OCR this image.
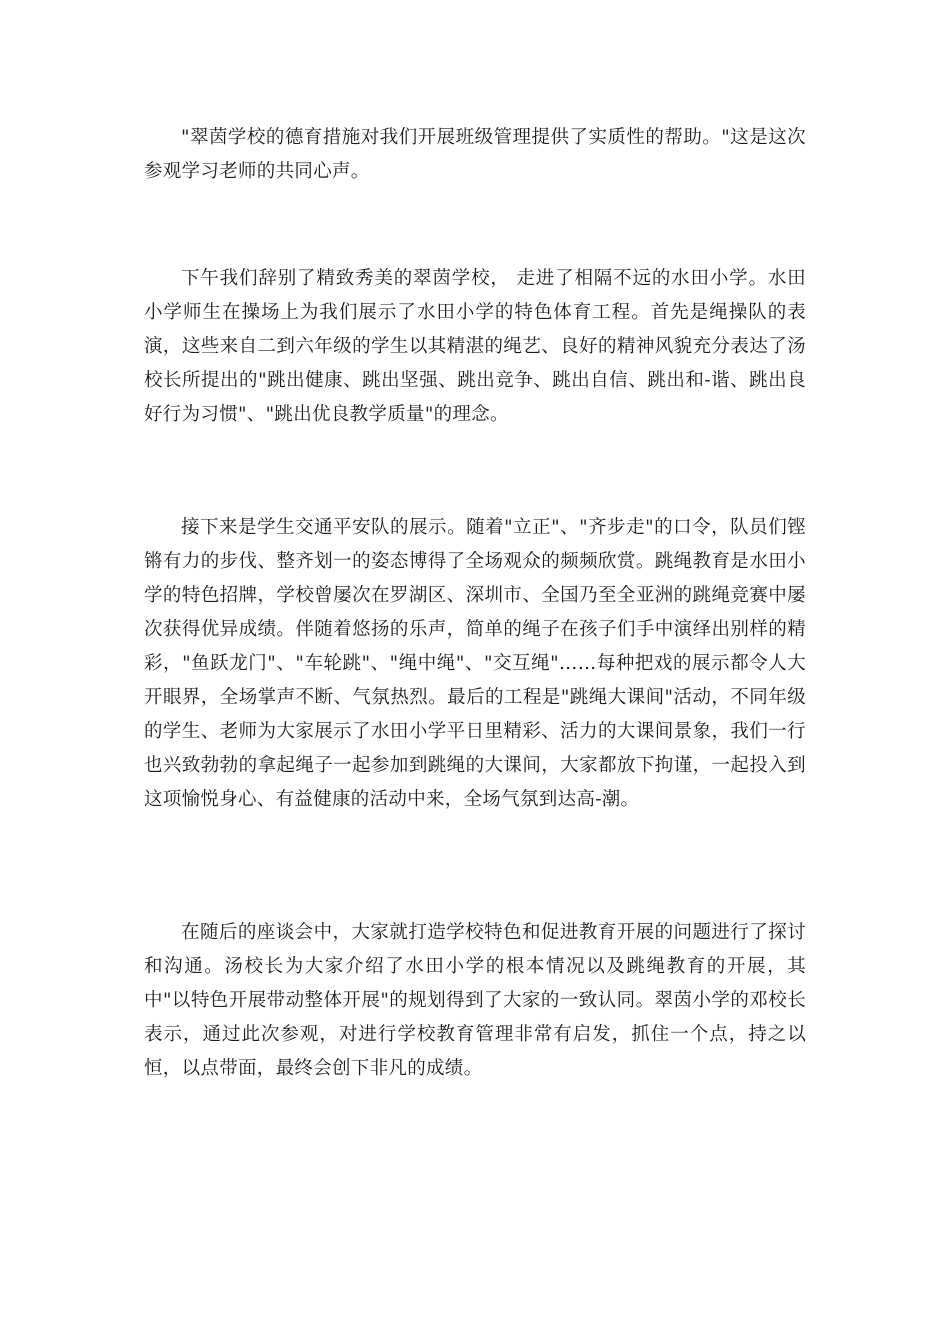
"翠茵学校的德育措施对我们开展班级管理提供了实质性的帮助。"这是这次参观学习老师的共同心声。

下午我们辞别了精致秀美的翠茵学校， 走进了相隔不远的水田小学。水田小学师生在操场上为我们展示了水田小学的特色体育工程。首先是绳操队的表演，这些来自二到六年级的学生以其精湛的绳艺、良好的精神风貌充分表达了汤校长所提出的"跳出健康、跳出坚强、跳出竞争、跳出自信、跳出和-谐、跳出良好行为习惯"、"跳出优良教学质量"的理念。

接下来是学生交通平安队的展示。随着"立正"、"齐步走"的口令，队员们铿锵有力的步伐、整齐划一的姿态博得了全场观众的频频欣赏。跳绳教育是水田小学的特色招牌，学校曾屡次在罗湖区、深圳市、全国乃至全亚洲的跳绳竞赛中屡次获得优异成绩。伴随着悠扬的乐声，简单的绳子在孩子们手中演绎出别样的精彩，"鱼跃龙门"、"车轮跳"、"绳中绳"、"交互绳"……每种把戏的展示都令人大开眼界，全场掌声不断、气氛热烈。最后的工程是"跳绳大课间"活动，不同年级的学生、老师为大家展示了水田小学平日里精彩、活力的大课间景象，我们一行也兴致勃勃的拿起绳子一起参加到跳绳的大课间，大家都放下拘谨，一起投入到这项愉悦身心、有益健康的活动中来，全场气氛到达高-潮。

在随后的座谈会中，大家就打造学校特色和促进教育开展的问题进行了探讨和沟通。汤校长为大家介绍了水田小学的根本情况以及跳绳教育的开展，其中"以特色开展带动整体开展"的规划得到了大家的一致认同。翠茵小学的邓校长表示，通过此次参观，对进行学校教育管理非常有启发，抓住一个点，持之以恒，以点带面，最终会创下非凡的成绩。
